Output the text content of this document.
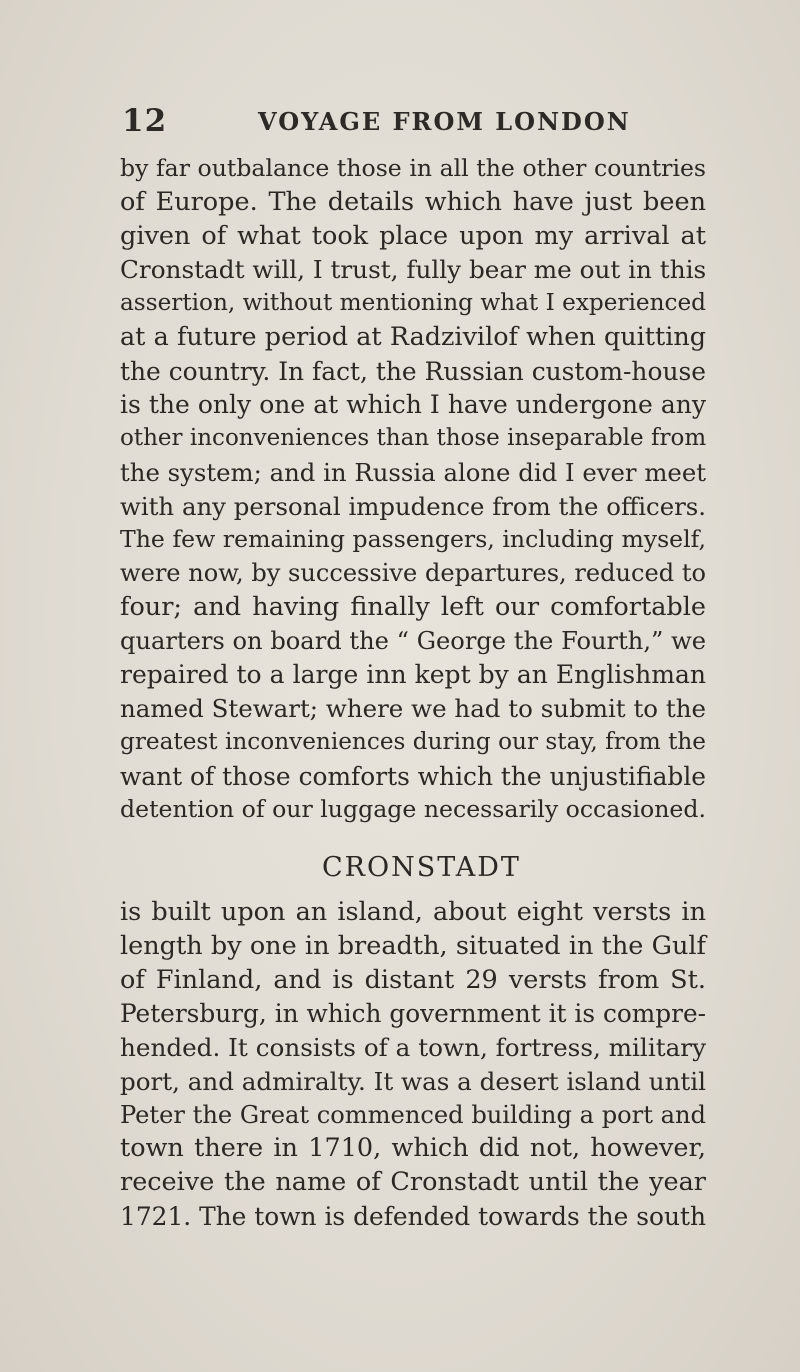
12	VOYAGE FROM LONDON
by far outbalance those in all the other countries
of Europe. The details which have just been
given of what took place upon my arrival at
Cronstadt will, I trust, fully bear me out in this
assertion, without mentioning what I experienced
at a future period at Radzivilof when quitting
the country. In fact, the Russian custom-house
is the only one at which I have undergone any
other inconveniences than those inseparable from
the system; and in Russia alone did I ever meet
with any personal impudence from the officers.
The few remaining passengers, including myself,
were now, by successive departures, reduced to
four; and having finally left our comfortable
quarters on board the “ George the Fourth,” we
repaired to a large inn kept by an Englishman
named Stewart; where we had to submit to the
greatest inconveniences during our stay, from the
want of those comforts which the unjustifiable
detention of our luggage necessarily occasioned.
CRONSTADT
is built upon an island, about eight versts in
length by one in breadth, situated in the Gulf
of Finland, and is distant 29 versts from St.
Petersburg, in which government it is compre-
hended. It consists of a town, fortress, military
port, and admiralty. It was a desert island until
Peter the Great commenced building a port and
town there in 1710, which did not, however,
receive the name of Cronstadt until the year
1721. The town is defended towards the south
